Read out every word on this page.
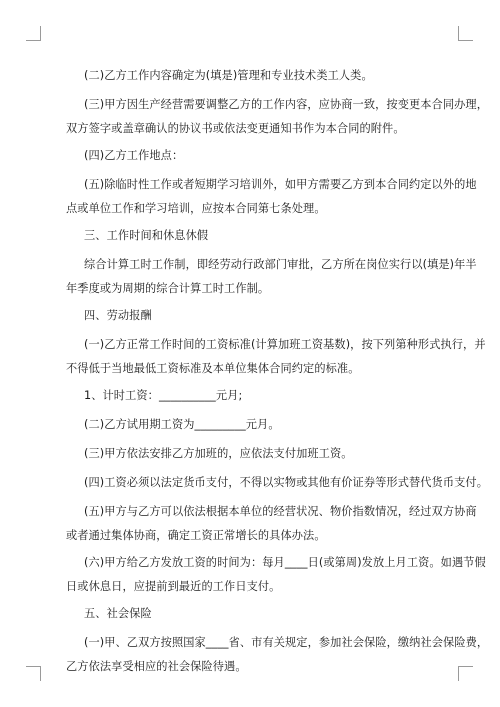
(二)乙方工作内容确定为(填是)管理和专业技术类工人类。
(三)甲方因生产经营需要调整乙方的工作内容，应协商一致，按变更本合同办理，
双方签字或盖章确认的协议书或依法变更通知书作为本合同的附件。
(四)乙方工作地点：
(五)除临时性工作或者短期学习培训外，如甲方需要乙方到本合同约定以外的地
点或单位工作和学习培训，应按本合同第七条处理。
三、工作时间和休息休假
综合计算工时工作制，即经劳动行政部门审批，乙方所在岗位实行以(填是)年半
年季度或为周期的综合计算工时工作制。
四、劳动报酬
(一)乙方正常工作时间的工资标准(计算加班工资基数)，按下列第种形式执行，并
不得低于当地最低工资标准及本单位集体合同约定的标准。
1、计时工资：__________元月;
(二)乙方试用期工资为_________元月。
(三)甲方依法安排乙方加班的，应依法支付加班工资。
(四)工资必须以法定货币支付，不得以实物或其他有价证券等形式替代货币支付。
(五)甲方与乙方可以依法根据本单位的经营状况、物价指数情况，经过双方协商
或者通过集体协商，确定工资正常增长的具体办法。
(六)甲方给乙方发放工资的时间为：每月____日(或第周)发放上月工资。如遇节假
日或休息日，应提前到最近的工作日支付。
五、社会保险
(一)甲、乙双方按照国家____省、市有关规定，参加社会保险，缴纳社会保险费，
乙方依法享受相应的社会保险待遇。
